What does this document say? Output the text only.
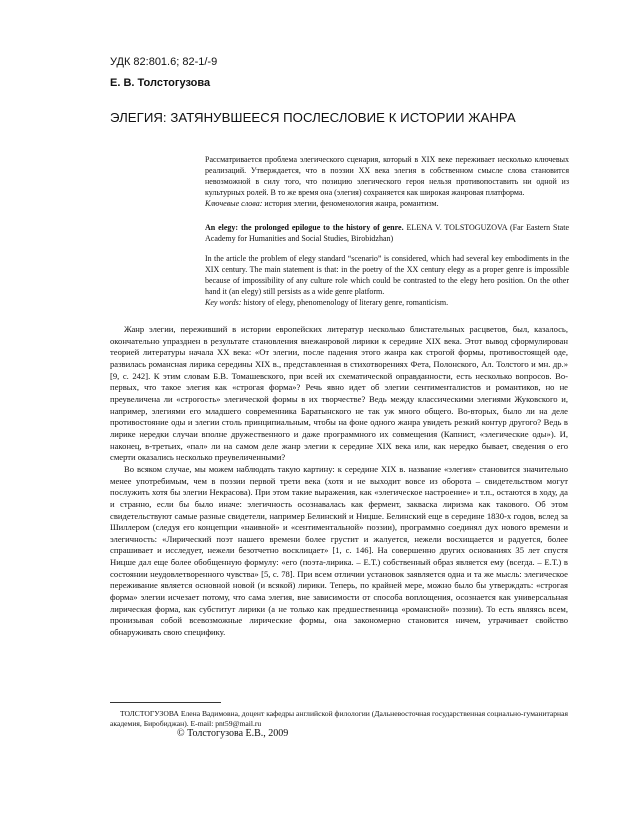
УДК 82:801.6; 82-1/-9
Е. В. Толстогузова
ЭЛЕГИЯ: ЗАТЯНУВШЕЕСЯ ПОСЛЕСЛОВИЕ К ИСТОРИИ ЖАНРА
Рассматривается проблема элегического сценария, который в XIX веке переживает несколько ключевых реализаций. Утверждается, что в поэзии XX века элегия в собственном смысле слова становится невозможной в силу того, что позицию элегического героя нельзя противопоставить ни одной из культурных ролей. В то же время она (элегия) сохраняется как широкая жанровая платформа.
Ключевые слова: история элегии, феноменология жанра, романтизм.
An elegy: the prolonged epilogue to the history of genre. ELENA V. TOLSTOGUZOVA (Far Eastern State Academy for Humanities and Social Studies, Birobidzhan)
In the article the problem of elegy standard “scenario” is considered, which had several key embodiments in the XIX century. The main statement is that: in the poetry of the XX century elegy as a proper genre is impossible because of impossibility of any culture role which could be contrasted to the elegy hero position. On the other hand it (an elegy) still persists as a wide genre platform.
Key words: history of elegy, phenomenology of literary genre, romanticism.

Жанр элегии, переживший в истории европейских литератур несколько блистательных расцветов, был, казалось, окончательно упразднен в результате становления внежанровой лирики к середине XIX века. Этот вывод сформулирован теорией литературы начала XX века: «От элегии, после падения этого жанра как строгой формы, противостоящей оде, развилась романсная лирика середины XIX в., представленная в стихотворениях Фета, Полонского, Ал. Толстого и мн. др.» [9, с. 242]. К этим словам Б.В. Томашевского, при всей их схематической оправданности, есть несколько вопросов. Во-первых, что такое элегия как «строгая форма»? Речь явно идет об элегии сентименталистов и романтиков, но не преувеличена ли «строгость» элегической формы в их творчестве? Ведь между классическими элегиями Жуковского и, например, элегиями его младшего современника Баратынского не так уж много общего. Во-вторых, было ли на деле противостояние оды и элегии столь принципиальным, чтобы на фоне одного жанра увидеть резкий контур другого? Ведь в лирике нередки случаи вполне дружественного и даже программного их совмещения (Капнист, «элегические оды»). И, наконец, в-третьих, «пал» ли на самом деле жанр элегии к середине XIX века или, как нередко бывает, сведения о его смерти оказались несколько преувеличенными?

Во всяком случае, мы можем наблюдать такую картину: к середине XIX в. название «элегия» становится значительно менее употребимым, чем в поэзии первой трети века (хотя и не выходит вовсе из оборота – свидетельством могут послужить хотя бы элегии Некрасова). При этом такие выражения, как «элегическое настроение» и т.п., остаются в ходу, да и странно, если бы было иначе: элегичность осознавалась как фермент, закваска лиризма как такового. Об этом свидетельствуют самые разные свидетели, например Белинский и Ницше. Белинский еще в середине 1830-х годов, вслед за Шиллером (следуя его концепции «наивной» и «сентиментальной» поэзии), программно соединял дух нового времени и элегичность: «Лирический поэт нашего времени более грустит и жалуется, нежели восхищается и радуется, более спрашивает и исследует, нежели безотчетно восклицает» [1, с. 146]. На совершенно других основаниях 35 лет спустя Ницше дал еще более обобщенную формулу: «его (поэта-лирика. – Е.Т.) собственный образ является ему (всегда. – Е.Т.) в состоянии неудовлетворенного чувства» [5, с. 78]. При всем отличии установок заявляется одна и та же мысль: элегическое переживание является основной новой (и всякой) лирики. Теперь, по крайней мере, можно было бы утверждать: «строгая форма» элегии исчезает потому, что сама элегия, вне зависимости от способа воплощения, осознается как универсальная лирическая форма, как субститут лирики (а не только как предшественница «романсной» поэзии). То есть являясь всем, пронизывая собой всевозможные лирические формы, она закономерно становится ничем, утрачивает свойство обнаруживать свою специфику.

ТОЛСТОГУЗОВА Елена Вадимовна, доцент кафедры английской филологии (Дальневосточная государственная социально-гуманитарная академия, Биробиджан). E-mail: pnt59@mail.ru

© Толстогузова Е.В., 2009
